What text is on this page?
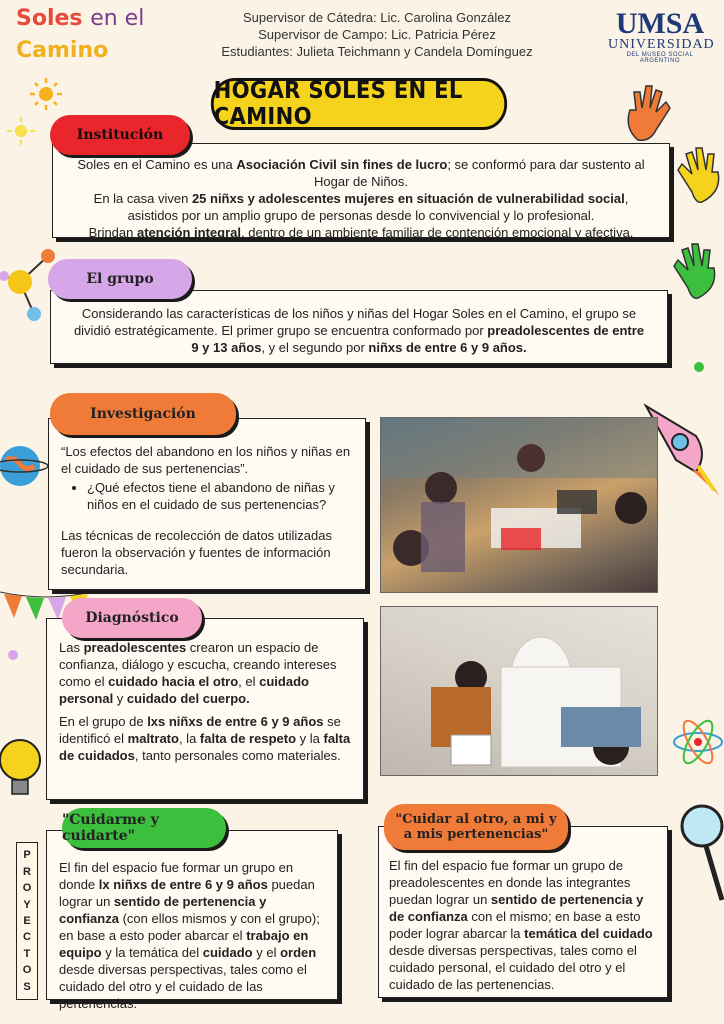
Soles en el
Camino
Supervisor de Cátedra: Lic. Carolina González
Supervisor de Campo: Lic. Patricia Pérez
Estudiantes: Julieta Teichmann y Candela Domínguez
UMSA
UNIVERSIDAD
DEL MUSEO SOCIAL ARGENTINO
HOGAR SOLES EN EL CAMINO
Soles en el Camino es una Asociación Civil sin fines de lucro; se conformó para dar sustento al Hogar de Niños.
En la casa viven 25 niñxs y adolescentes mujeres en situación de vulnerabilidad social, asistidos por un amplio grupo de personas desde lo convivencial y lo profesional.
Brindan atención integral, dentro de un ambiente familiar de contención emocional y afectiva.
Institución
Considerando las características de los niños y niñas del Hogar Soles en el Camino, el grupo se dividió estratégicamente. El primer grupo se encuentra conformado por preadolescentes de entre 9 y 13 años, y el segundo por niñxs de entre 6 y 9 años.
El grupo
“Los efectos del abandono en los niños y niñas en el cuidado de sus pertenencias”.
• ¿Qué efectos tiene el abandono de niñas y niños en el cuidado de sus pertenencias?
Las técnicas de recolección de datos utilizadas fueron la observación y fuentes de información secundaria.
Investigación
Las preadolescentes crearon un espacio de confianza, diálogo y escucha, creando intereses como el cuidado hacia el otro, el cuidado personal y cuidado del cuerpo.
En el grupo de lxs niñxs de entre 6 y 9 años se identificó el maltrato, la falta de respeto y la falta de cuidados, tanto personales como materiales.
Diagnóstico
P
R
O
Y
E
C
T
O
S
El fin del espacio fue formar un grupo en donde lx niñxs de entre 6 y 9 años puedan lograr un sentido de pertenencia y confianza (con ellos mismos y con el grupo); en base a esto poder abarcar el trabajo en equipo y la temática del cuidado y el orden desde diversas perspectivas, tales como el cuidado del otro y el cuidado de las pertenencias.
"Cuidarme y cuidarte"
El fin del espacio fue formar un grupo de preadolescentes en donde las integrantes puedan lograr un sentido de pertenencia y de confianza con el mismo; en base a esto poder lograr abarcar la temática del cuidado desde diversas perspectivas, tales como el cuidado personal, el cuidado del otro y el cuidado de las pertenencias.
"Cuidar al otro, a mi y a mis pertenencias"
